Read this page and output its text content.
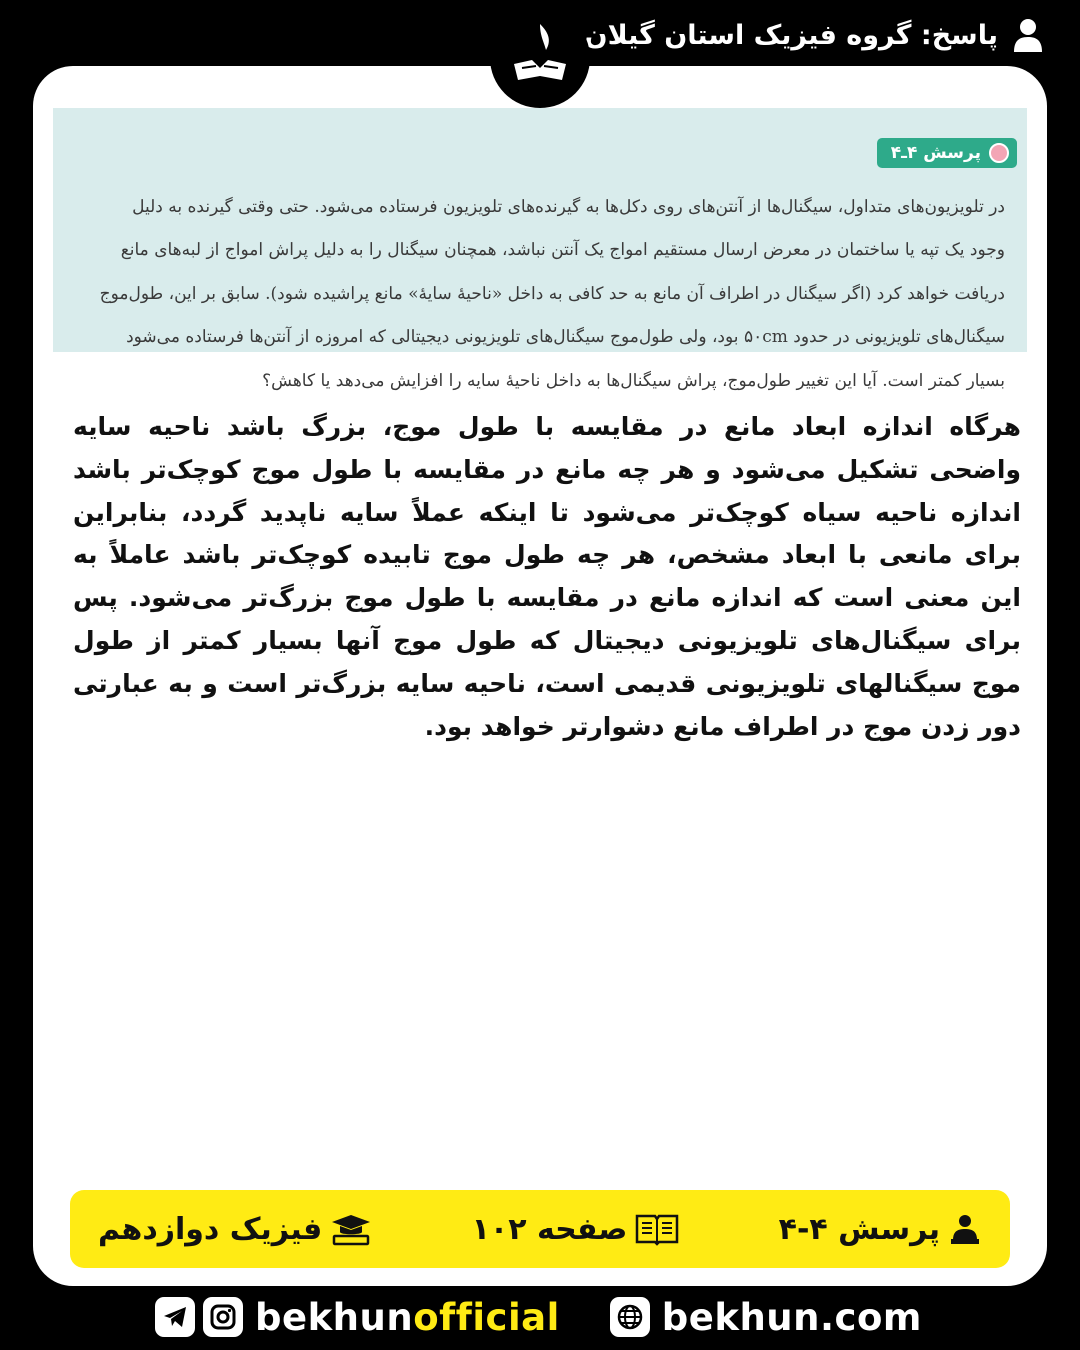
پاسخ: گروه فیزیک استان گیلان
پرسش ۴ـ۴
در تلویزیون‌های متداول، سیگنال‌ها از آنتن‌های روی دکل‌ها به گیرنده‌های تلویزیون فرستاده می‌شود. حتی وقتی گیرنده به دلیل
وجود یک تپه یا ساختمان در معرض ارسال مستقیم امواج یک آنتن نباشد، همچنان سیگنال را به دلیل پراش امواج از لبه‌های مانع
دریافت خواهد کرد (اگر سیگنال در اطراف آن مانع به حد کافی به داخل «ناحیهٔ سایهٔ» مانع پراشیده شود). سابق بر این، طول‌موج
سیگنال‌های تلویزیونی در حدود ۵۰cm بود، ولی طول‌موج سیگنال‌های تلویزیونی دیجیتالی که امروزه از آنتن‌ها فرستاده می‌شود
بسیار کمتر است. آیا این تغییر طول‌موج، پراش سیگنال‌ها به داخل ناحیهٔ سایه را افزایش می‌دهد یا کاهش؟
هرگاه اندازه ابعاد مانع در مقایسه با طول موج، بزرگ باشد ناحیه سایه واضحی تشکیل می‌شود و هر چه مانع در مقایسه با طول موج کوچک‌تر باشد اندازه ناحیه سیاه کوچک‌تر می‌شود تا اینکه عملاً سایه ناپدید گردد، بنابراین برای مانعی با ابعاد مشخص، هر چه طول موج تابیده کوچک‌تر باشد عاملاً به این معنی است که اندازه مانع در مقایسه با طول موج بزرگ‌تر می‌شود. پس برای سیگنال‌های تلویزیونی دیجیتال که طول موج آنها بسیار کمتر از طول موج سیگنالهای تلویزیونی قدیمی است، ناحیه سایه بزرگ‌تر است و به عبارتی دور زدن موج در اطراف مانع دشوارتر خواهد بود.
پرسش ۴-۴
صفحه ۱۰۲
فیزیک دوازدهم
bekhunofficial	bekhun.com
